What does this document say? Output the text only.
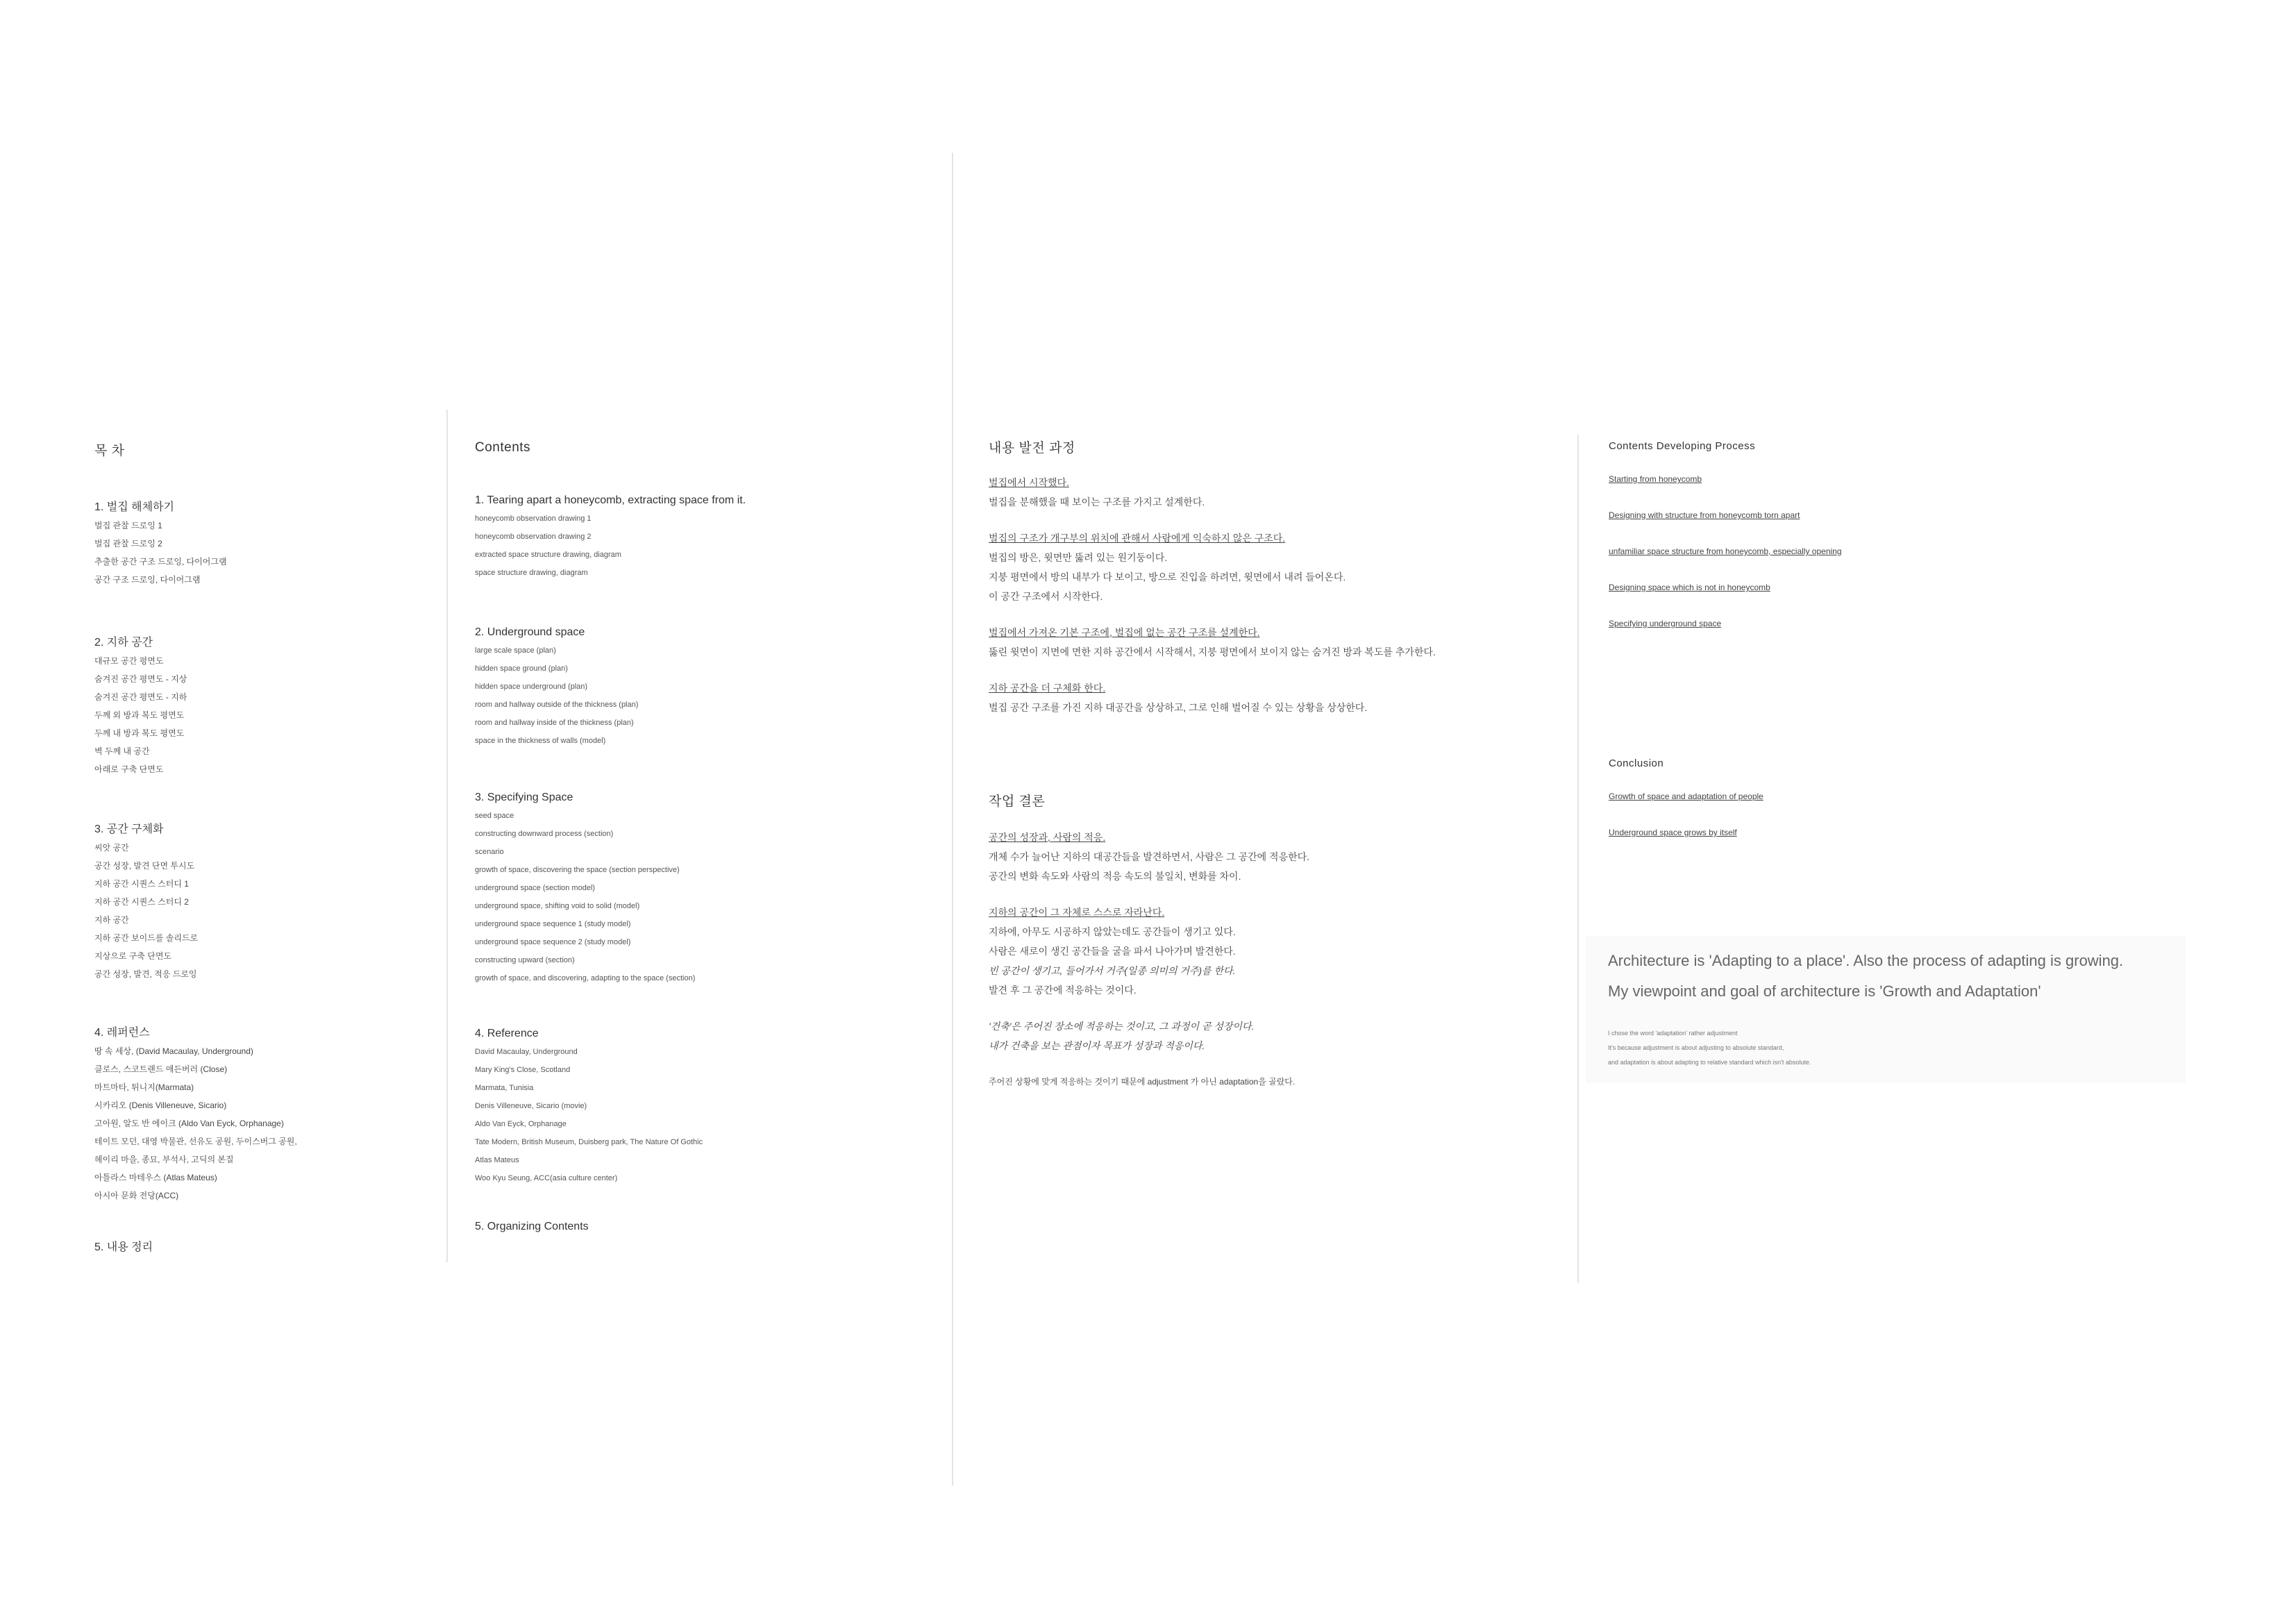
목 차
1. 벌집 해체하기
벌집 관찰 드로잉 1
벌집 관찰 드로잉 2
추출한 공간 구조 드로잉, 다이어그램
공간 구조 드로잉, 다이어그램
2. 지하 공간
대규모 공간 평면도
숨겨진 공간 평면도 - 지상
숨겨진 공간 평면도 - 지하
두께 외 방과 복도 평면도
두께 내 방과 복도 평면도
벽 두께 내 공간
아래로 구축 단면도
3. 공간 구체화
씨앗 공간
공간 성장, 발견 단면 투시도
지하 공간 시퀀스 스터디 1
지하 공간 시퀀스 스터디 2
지하 공간
지하 공간 보이드를 솔리드로
지상으로 구축 단면도
공간 성장, 발견, 적응 드로잉
4. 레퍼런스
땅 속 세상, (David Macaulay, Underground)
클로스, 스코트랜드 애든버러 (Close)
마트마타, 튀니지(Marmata)
시카리오 (Denis Villeneuve, Sicario)
고아원, 알도 반 에이크 (Aldo Van Eyck, Orphanage)
테이트 모던, 대영 박물관, 선유도 공원, 두이스버그 공원,
헤이리 마을, 종묘, 부석사, 고딕의 본질
아틀라스 마테우스 (Atlas Mateus)
아시아 문화 전당(ACC)
5. 내용 정리
Contents
1. Tearing apart a honeycomb, extracting space from it.
honeycomb observation drawing 1
honeycomb observation drawing 2
extracted space structure drawing, diagram
space structure drawing, diagram
2. Underground space
large scale space (plan)
hidden space ground (plan)
hidden space underground (plan)
room and hallway outside of the thickness (plan)
room and hallway inside of the thickness (plan)
space in the thickness of walls (model)
3. Specifying Space
seed space
constructing downward process (section)
scenario
growth of space, discovering the space (section perspective)
underground space (section model)
underground space, shifting void to solid (model)
underground space sequence 1 (study model)
underground space sequence 2 (study model)
constructing upward (section)
growth of space, and discovering, adapting to the space (section)
4. Reference
David Macaulay, Underground
Mary King's Close, Scotland
Marmata, Tunisia
Denis Villeneuve, Sicario (movie)
Aldo Van Eyck, Orphanage
Tate Modern, British Museum, Duisberg park, The Nature Of Gothic
Atlas Mateus
Woo Kyu Seung, ACC(asia culture center)
5. Organizing Contents
내용 발전 과정
벌집에서 시작했다.
벌집을 분해했을 때 보이는 구조를 가지고 설계한다.
벌집의 구조가 개구부의 위치에 관해서 사람에게 익숙하지 않은 구조다.
벌집의 방은, 윗면만 뚫려 있는 원기둥이다.
지붕 평면에서 방의 내부가 다 보이고, 방으로 진입을 하려면, 윗면에서 내려 들어온다.
이 공간 구조에서 시작한다.
벌집에서 가져온 기본 구조에, 벌집에 없는 공간 구조를 설계한다.
뚫린 윗면이 지면에 면한 지하 공간에서 시작해서, 지붕 평면에서 보이지 않는 숨겨진 방과 복도를 추가한다.
지하 공간을 더 구체화 한다.
벌집 공간 구조를 가진 지하 대공간을 상상하고, 그로 인해 벌어질 수 있는 상황을 상상한다.
작업 결론
공간의 성장과, 사람의 적응.
개체 수가 늘어난 지하의 대공간들을 발견하면서, 사람은 그 공간에 적응한다.
공간의 변화 속도와 사람의 적응 속도의 불일치, 변화를 차이.
지하의 공간이 그 자체로 스스로 자라난다.
지하에, 아무도 시공하지 않았는데도 공간들이 생기고 있다.
사람은 새로이 생긴 공간들을 굴을 파서 나아가며 발견한다.
빈 공간이 생기고, 들어가서 거주(일종 의미의 거주)를 한다.
발견 후 그 공간에 적응하는 것이다.
'건축'은 주어진 장소에 적응하는 것이고, 그 과정이 곧 성장이다.
내가 건축을 보는 관점이자 목표가 성장과 적응이다.
주어진 상황에 맞게 적응하는 것이기 때문에 adjustment 가 아닌 adaptation을 골랐다.
Contents Developing Process
Starting from honeycomb
Designing with structure from honeycomb torn apart
unfamiliar space structure from honeycomb, especially opening
Designing space which is not in honeycomb
Specifying underground space
Conclusion
Growth of space and adaptation of people
Underground space grows by itself
Architecture is 'Adapting to a place'. Also the process of adapting is growing.
My viewpoint and goal of architecture is 'Growth and Adaptation'
I chose the word 'adaptation' rather adjustment
It's because adjustment is about adjusting to absolute standard,
and adaptation is about adapting to relative standard which isn't absolute.
